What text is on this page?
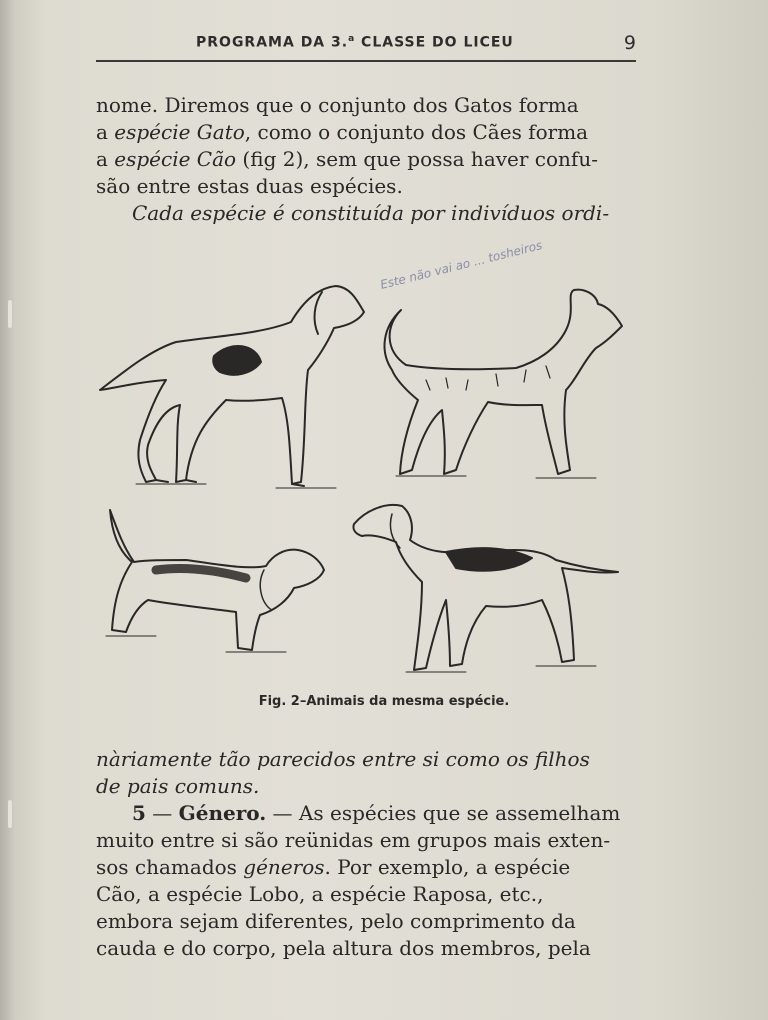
PROGRAMA DA 3.$^a$ CLASSE DO LICEU	9

nome. Diremos que o conjunto dos Gatos forma

a espécie Gato, como o conjunto dos Cães forma

a espécie Cão (fig 2), sem que possa haver confu-

são entre estas duas espécies.

Cada espécie é constituída por indivíduos ordi-

Este não vai ao ... tosheiros
Fig. 2–Animais da mesma espécie.

nàriamente tão parecidos entre si como os filhos

de pais comuns.

5 — Género. — As espécies que se assemelham

muito entre si são reünidas em grupos mais exten-

sos chamados géneros. Por exemplo, a espécie

Cão, a espécie Lobo, a espécie Raposa, etc.,

embora sejam diferentes, pelo comprimento da

cauda e do corpo, pela altura dos membros, pela
